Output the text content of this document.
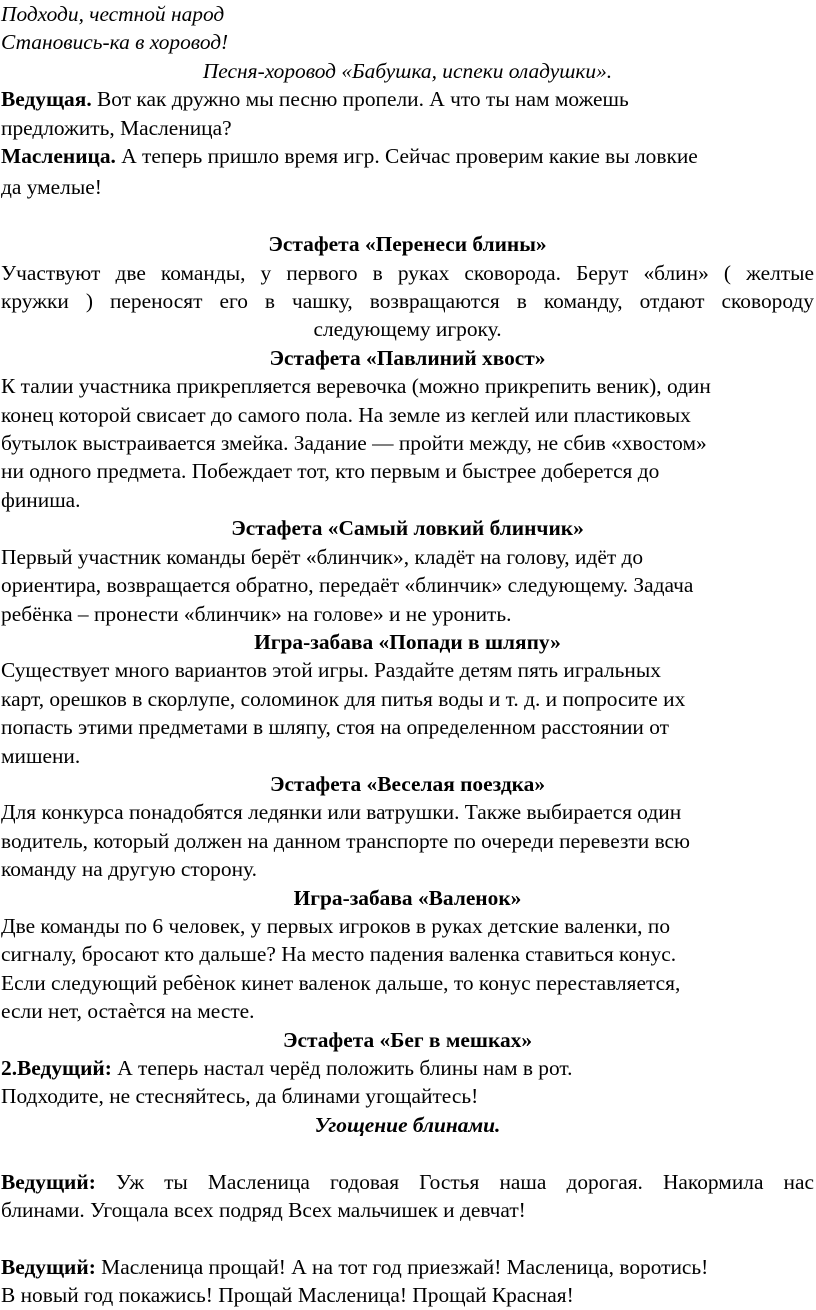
Подходи, честной народ
Становись-ка в хоровод!
Песня-хоровод «Бабушка, испеки оладушки».
Ведущая. Вот как дружно мы песню пропели. А что ты нам можешь
предложить, Масленица?
Масленица. А теперь пришло время игр. Сейчас проверим какие вы ловкие
да умелые!
Эстафета «Перенеси блины»
Участвуют две команды, у первого в руках сковорода. Берут «блин» ( желтые
кружки ) переносят его в чашку, возвращаются в команду, отдают сковороду
следующему игроку.
Эстафета «Павлиний хвост»
К талии участника прикрепляется веревочка (можно прикрепить веник), один
конец которой свисает до самого пола. На земле из кеглей или пластиковых
бутылок выстраивается змейка. Задание — пройти между, не сбив «хвостом»
ни одного предмета. Побеждает тот, кто первым и быстрее доберется до
финиша.
Эстафета «Самый ловкий блинчик»
Первый участник команды берёт «блинчик», кладёт на голову, идёт до
ориентира, возвращается обратно, передаёт «блинчик» следующему. Задача
ребёнка – пронести «блинчик» на голове» и не уронить.
Игра-забава «Попади в шляпу»
Существует много вариантов этой игры. Раздайте детям пять игральных
карт, орешков в скорлупе, соломинок для питья воды и т. д. и попросите их
попасть этими предметами в шляпу, стоя на определенном расстоянии от
мишени.
Эстафета «Веселая поездка»
Для конкурса понадобятся ледянки или ватрушки. Также выбирается один
водитель, который должен на данном транспорте по очереди перевезти всю
команду на другую сторону.
Игра-забава «Валенок»
Две команды по 6 человек, у первых игроков в руках детские валенки, по
сигналу, бросают кто дальше? На место падения валенка ставиться конус.
Если следующий ребѐнок кинет валенок дальше, то конус переставляется,
если нет, остаѐтся на месте.
Эстафета «Бег в мешках»
2.Ведущий: А теперь настал черёд положить блины нам в рот.
Подходите, не стесняйтесь, да блинами угощайтесь!
Угощение блинами.
Ведущий: Уж ты Масленица годовая Гостья наша дорогая. Накормила нас
блинами. Угощала всех подряд Всех мальчишек и девчат!
Ведущий: Масленица прощай! А на тот год приезжай! Масленица, воротись!
В новый год покажись! Прощай Масленица! Прощай Красная!
